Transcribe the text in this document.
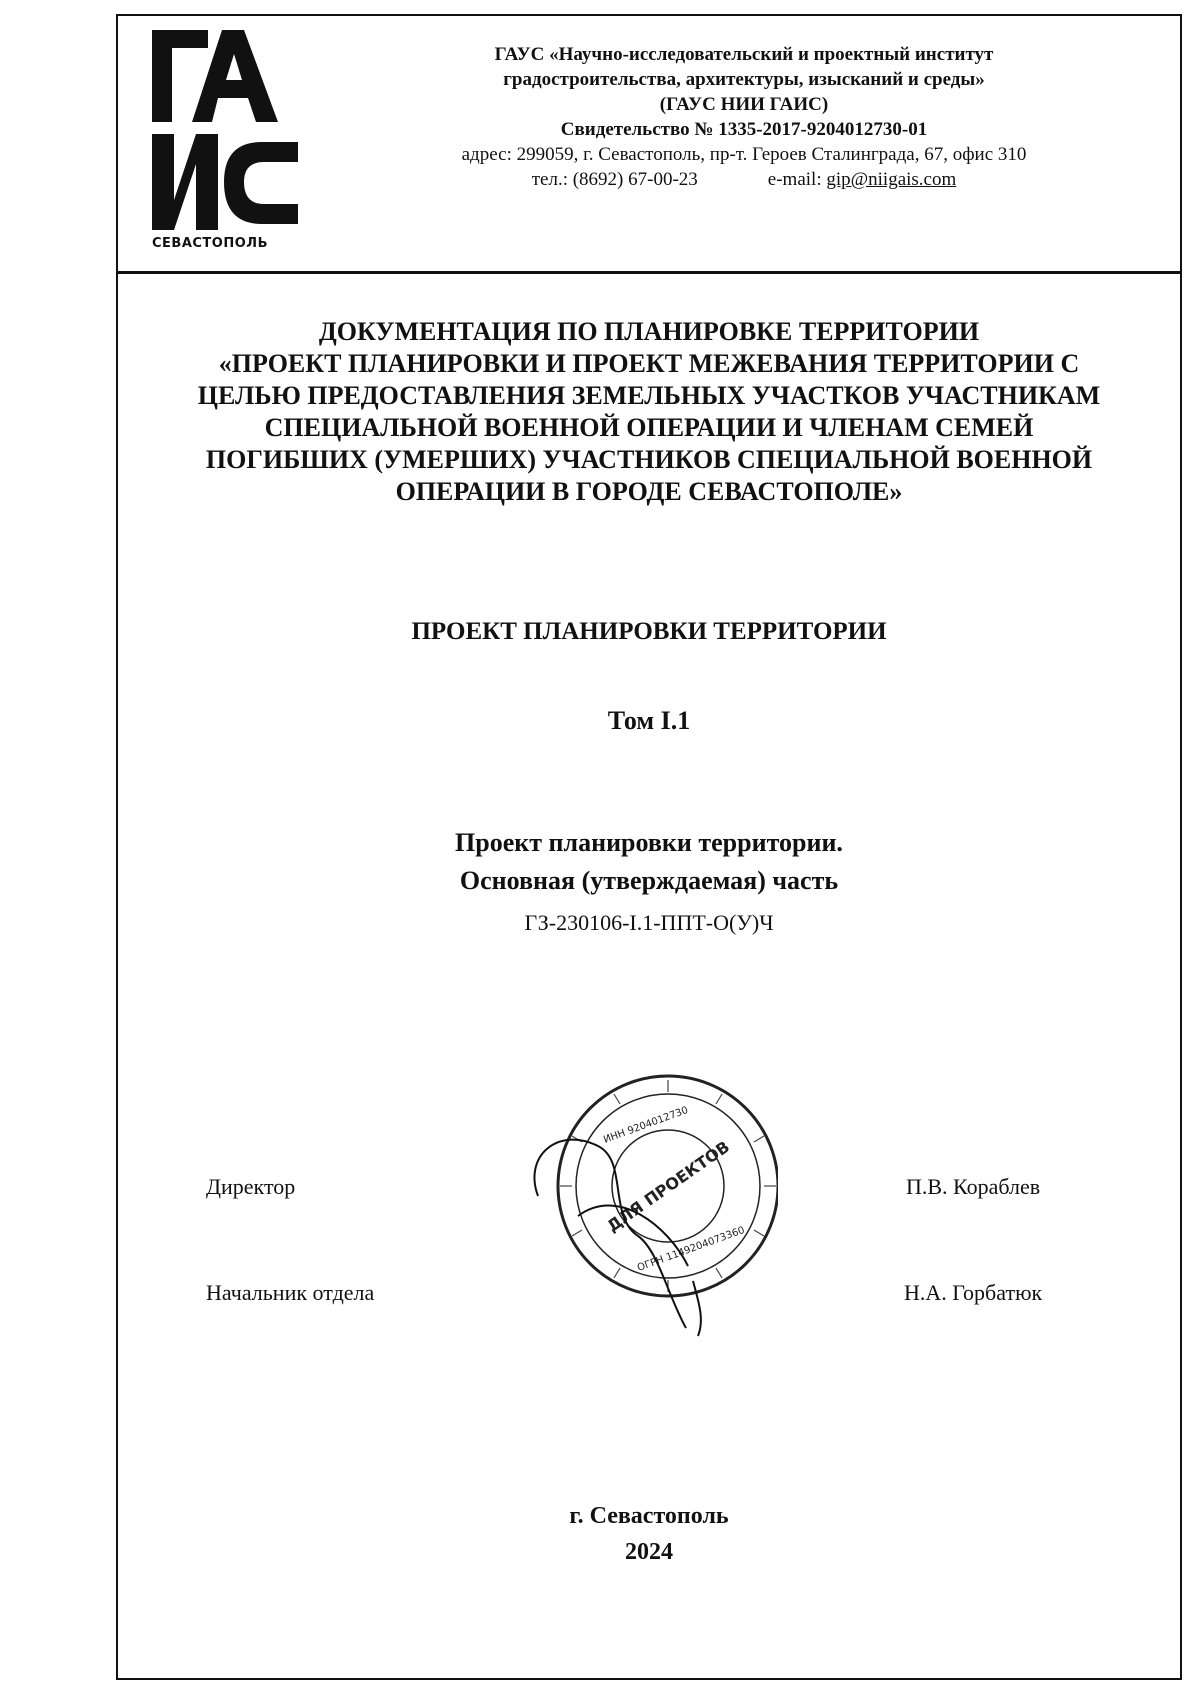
СЕВАСТОПОЛЬ
ГАУС «Научно-исследовательский и проектный институт
градостроительства, архитектуры, изысканий и среды»
(ГАУС НИИ ГАИС)
Свидетельство № 1335-2017-9204012730-01
адрес: 299059, г. Севастополь, пр-т. Героев Сталинграда, 67, офис 310
тел.: (8692) 67-00-23	e-mail: gip@niigais.com
ДОКУМЕНТАЦИЯ ПО ПЛАНИРОВКЕ ТЕРРИТОРИИ
«ПРОЕКТ ПЛАНИРОВКИ И ПРОЕКТ МЕЖЕВАНИЯ ТЕРРИТОРИИ С
ЦЕЛЬЮ ПРЕДОСТАВЛЕНИЯ ЗЕМЕЛЬНЫХ УЧАСТКОВ УЧАСТНИКАМ
СПЕЦИАЛЬНОЙ ВОЕННОЙ ОПЕРАЦИИ И ЧЛЕНАМ СЕМЕЙ
ПОГИБШИХ (УМЕРШИХ) УЧАСТНИКОВ СПЕЦИАЛЬНОЙ ВОЕННОЙ
ОПЕРАЦИИ В ГОРОДЕ СЕВАСТОПОЛЕ»
ПРОЕКТ ПЛАНИРОВКИ ТЕРРИТОРИИ
Том I.1
Проект планировки территории.
Основная (утверждаемая) часть
ГЗ-230106-I.1-ППТ-О(У)Ч
Директор	П.В. Кораблев
Начальник отдела	Н.А. Горбатюк
ДЛЯ ПРОЕКТОВ
ИНН 9204012730
ОГРН 1149204073360
г. Севастополь
2024
